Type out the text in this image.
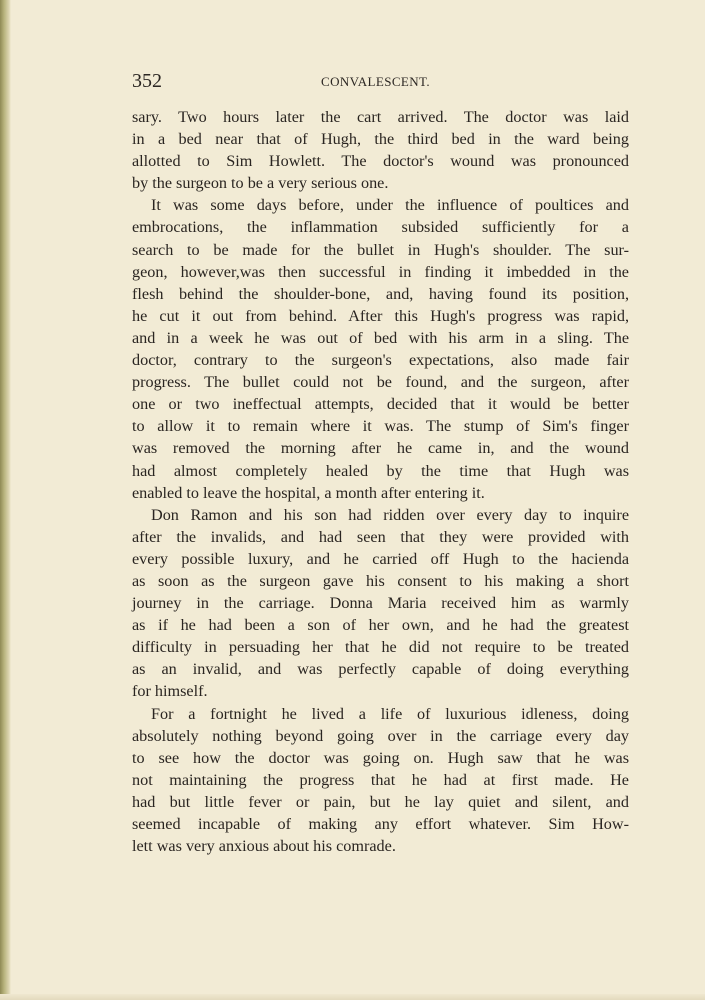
352	CONVALESCENT.
sary. Two hours later the cart arrived. The doctor was laid
in a bed near that of Hugh, the third bed in the ward being
allotted to Sim Howlett. The doctor's wound was pronounced
by the surgeon to be a very serious one.
It was some days before, under the influence of poultices and
embrocations, the inflammation subsided sufficiently for a
search to be made for the bullet in Hugh's shoulder. The sur-
geon, however,was then successful in finding it imbedded in the
flesh behind the shoulder-bone, and, having found its position,
he cut it out from behind. After this Hugh's progress was rapid,
and in a week he was out of bed with his arm in a sling. The
doctor, contrary to the surgeon's expectations, also made fair
progress. The bullet could not be found, and the surgeon, after
one or two ineffectual attempts, decided that it would be better
to allow it to remain where it was. The stump of Sim's finger
was removed the morning after he came in, and the wound
had almost completely healed by the time that Hugh was
enabled to leave the hospital, a month after entering it.
Don Ramon and his son had ridden over every day to inquire
after the invalids, and had seen that they were provided with
every possible luxury, and he carried off Hugh to the hacienda
as soon as the surgeon gave his consent to his making a short
journey in the carriage. Donna Maria received him as warmly
as if he had been a son of her own, and he had the greatest
difficulty in persuading her that he did not require to be treated
as an invalid, and was perfectly capable of doing everything
for himself.
For a fortnight he lived a life of luxurious idleness, doing
absolutely nothing beyond going over in the carriage every day
to see how the doctor was going on. Hugh saw that he was
not maintaining the progress that he had at first made. He
had but little fever or pain, but he lay quiet and silent, and
seemed incapable of making any effort whatever. Sim How-
lett was very anxious about his comrade.
